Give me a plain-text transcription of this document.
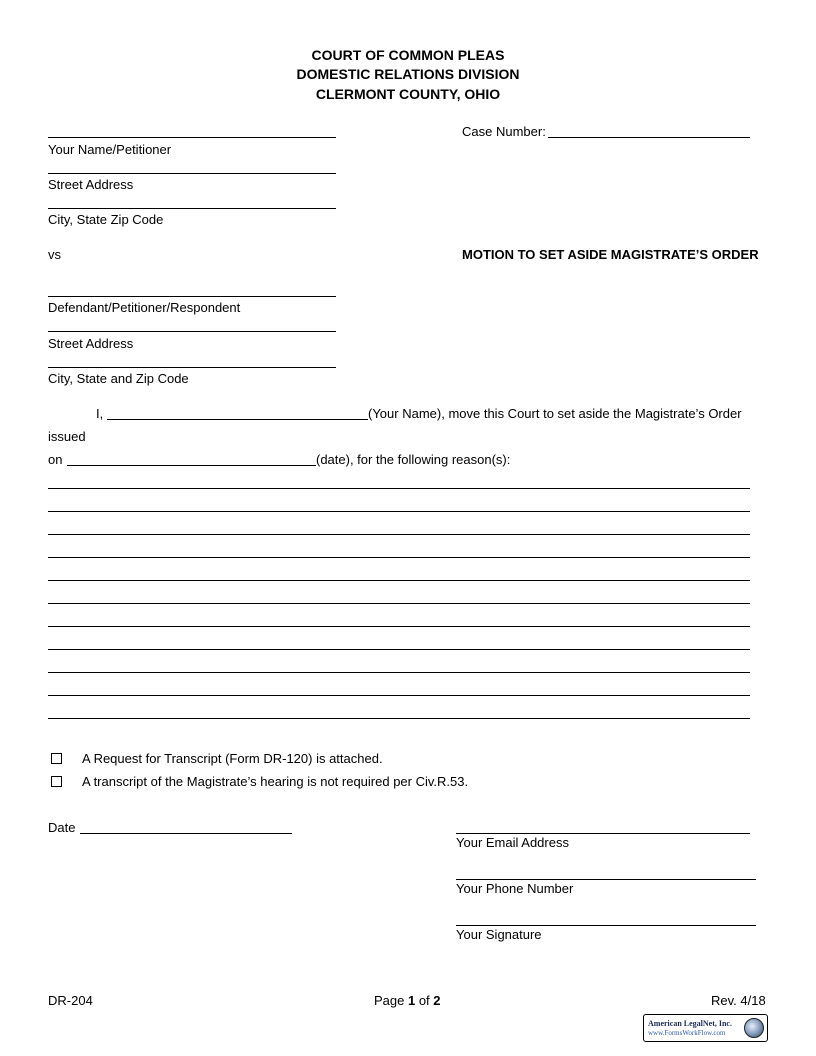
COURT OF COMMON PLEAS
DOMESTIC RELATIONS DIVISION
CLERMONT COUNTY, OHIO
Your Name/Petitioner
Street Address
City, State Zip Code
Case Number:
vs	MOTION TO SET ASIDE MAGISTRATE’S ORDER
Defendant/Petitioner/Respondent
Street Address
City, State and Zip Code
I,	(Your Name), move this Court to set aside the Magistrate’s Order
issued
on	(date), for the following reason(s):
A Request for Transcript (Form DR-120) is attached.
A transcript of the Magistrate’s hearing is not required per Civ.R.53.
Date
Your Email Address
Your Phone Number
Your Signature
DR-204	Page 1 of 2	Rev. 4/18
American LegalNet, Inc.
www.FormsWorkFlow.com
